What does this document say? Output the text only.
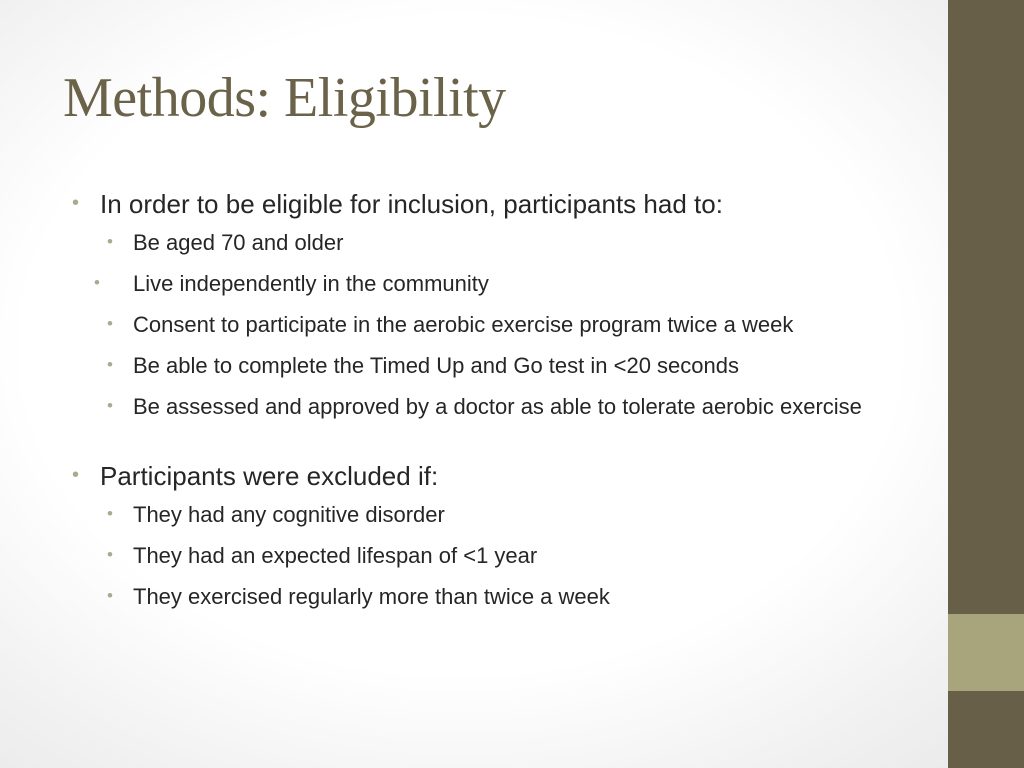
Methods: Eligibility
• In order to be eligible for inclusion, participants had to:
• Be aged 70 and older
• Live independently in the community
• Consent to participate in the aerobic exercise program twice a week
• Be able to complete the Timed Up and Go test in <20 seconds
• Be assessed and approved by a doctor as able to tolerate aerobic exercise
• Participants were excluded if:
• They had any cognitive disorder
• They had an expected lifespan of <1 year
• They exercised regularly more than twice a week
